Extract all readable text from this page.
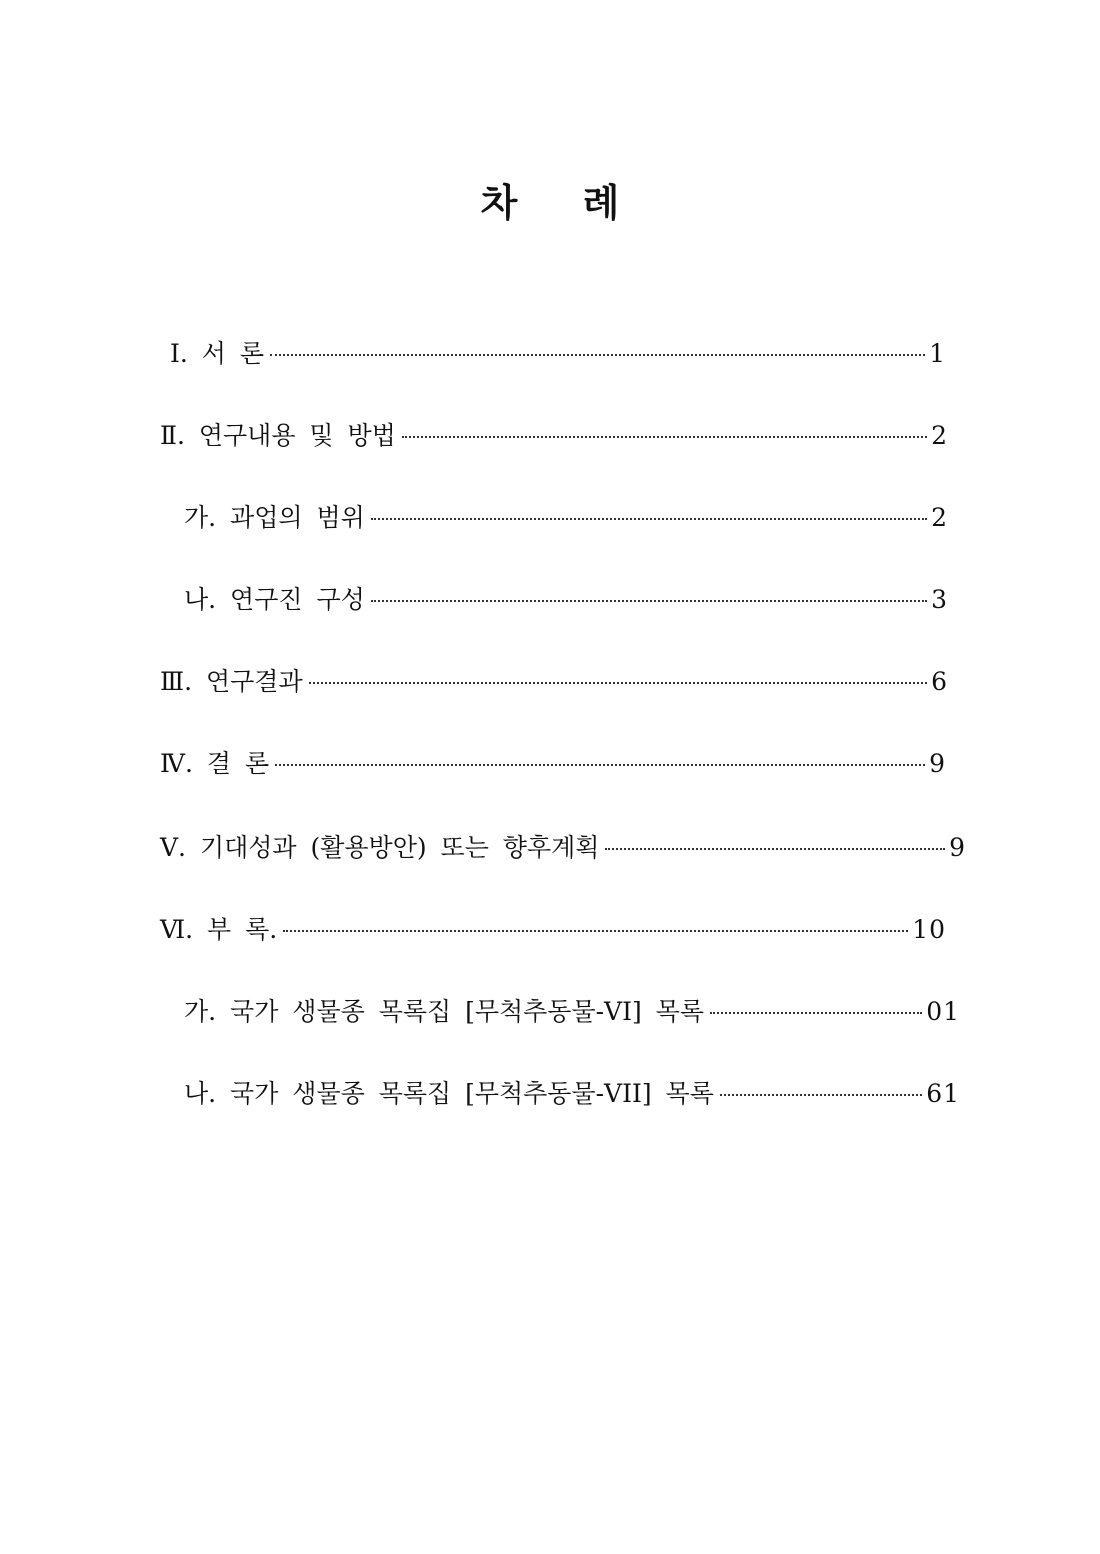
차 례
Ⅰ. 서 론	1
Ⅱ. 연구내용 및 방법	2
가. 과업의 범위	2
나. 연구진 구성	3
Ⅲ. 연구결과	6
Ⅳ. 결 론	9
Ⅴ. 기대성과 (활용방안) 또는 향후계획	9
Ⅵ. 부 록.	10
가. 국가 생물종 목록집 [무척추동물-VI] 목록	01
나. 국가 생물종 목록집 [무척추동물-VII] 목록	61
